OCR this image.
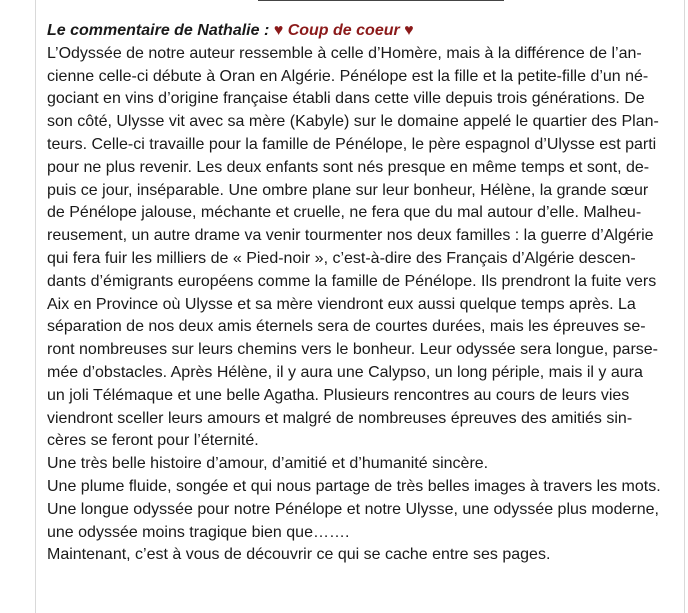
Le commentaire de Nathalie : ♥ Coup de coeur ♥

L’Odyssée de notre auteur ressemble à celle d’Homère, mais à la différence de l’an-

cienne celle-ci débute à Oran en Algérie. Pénélope est la fille et la petite-fille d’un né-

gociant en vins d’origine française établi dans cette ville depuis trois générations. De

son côté, Ulysse vit avec sa mère (Kabyle) sur le domaine appelé le quartier des Plan-

teurs. Celle-ci travaille pour la famille de Pénélope, le père espagnol d’Ulysse est parti

pour ne plus revenir. Les deux enfants sont nés presque en même temps et sont, de-

puis ce jour, inséparable. Une ombre plane sur leur bonheur, Hélène, la grande sœur

de Pénélope jalouse, méchante et cruelle, ne fera que du mal autour d’elle. Malheu-

reusement, un autre drame va venir tourmenter nos deux familles : la guerre d’Algérie

qui fera fuir les milliers de « Pied-noir », c’est-à-dire des Français d’Algérie descen-

dants d’émigrants européens comme la famille de Pénélope. Ils prendront la fuite vers

Aix en Province où Ulysse et sa mère viendront eux aussi quelque temps après. La

séparation de nos deux amis éternels sera de courtes durées, mais les épreuves se-

ront nombreuses sur leurs chemins vers le bonheur. Leur odyssée sera longue, parse-

mée d’obstacles. Après Hélène, il y aura une Calypso, un long périple, mais il y aura

un joli Télémaque et une belle Agatha. Plusieurs rencontres au cours de leurs vies

viendront sceller leurs amours et malgré de nombreuses épreuves des amitiés sin-

cères se feront pour l’éternité.

Une très belle histoire d’amour, d’amitié et d’humanité sincère.

Une plume fluide, songée et qui nous partage de très belles images à travers les mots.

Une longue odyssée pour notre Pénélope et notre Ulysse, une odyssée plus moderne,

une odyssée moins tragique bien que…….

Maintenant, c’est à vous de découvrir ce qui se cache entre ses pages.
